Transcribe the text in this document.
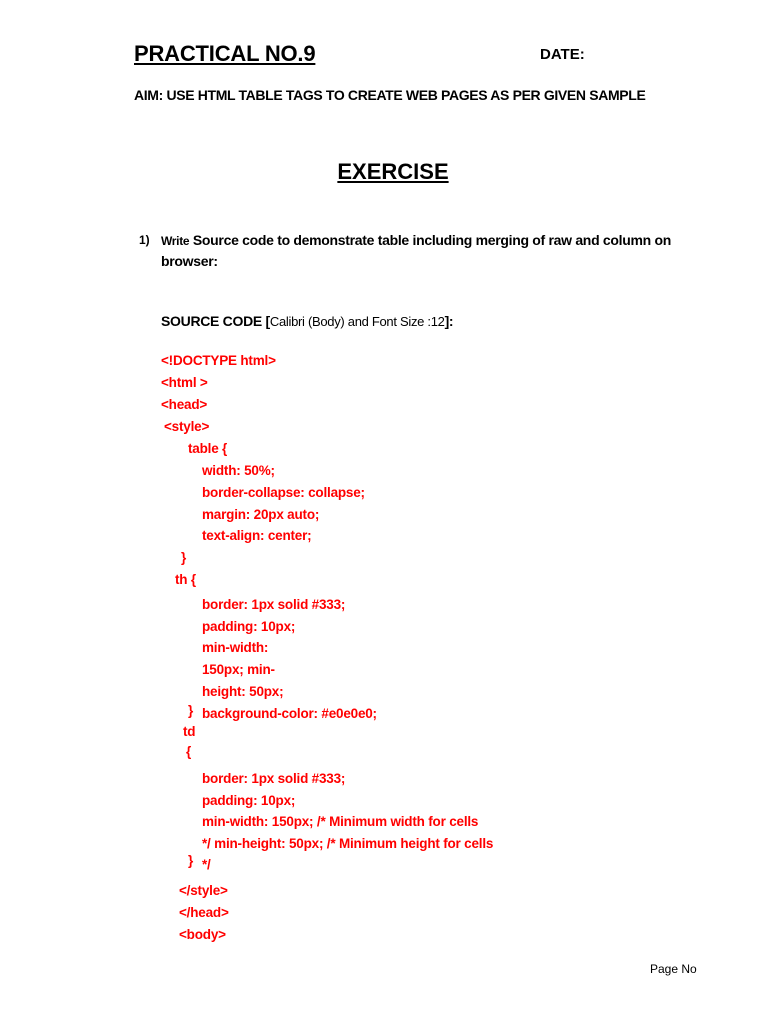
PRACTICAL NO.9	DATE:
AIM: USE HTML TABLE TAGS TO CREATE WEB PAGES AS PER GIVEN SAMPLE
EXERCISE
1) Write Source code to demonstrate table including merging of raw and column on browser:
SOURCE CODE [Calibri (Body) and Font Size :12]:
<!DOCTYPE html>
<html >
<head>
<style>
table {
width: 50%;
border-collapse: collapse;
margin: 20px auto;
text-align: center;
}
th {
border: 1px solid #333;
padding: 10px;
min-width:
150px; min-
height: 50px;
} background-color: #e0e0e0;
td
{
border: 1px solid #333;
padding: 10px;
min-width: 150px; /* Minimum width for cells
*/ min-height: 50px; /* Minimum height for cells
} */
</style>
</head>
<body>
Page No
